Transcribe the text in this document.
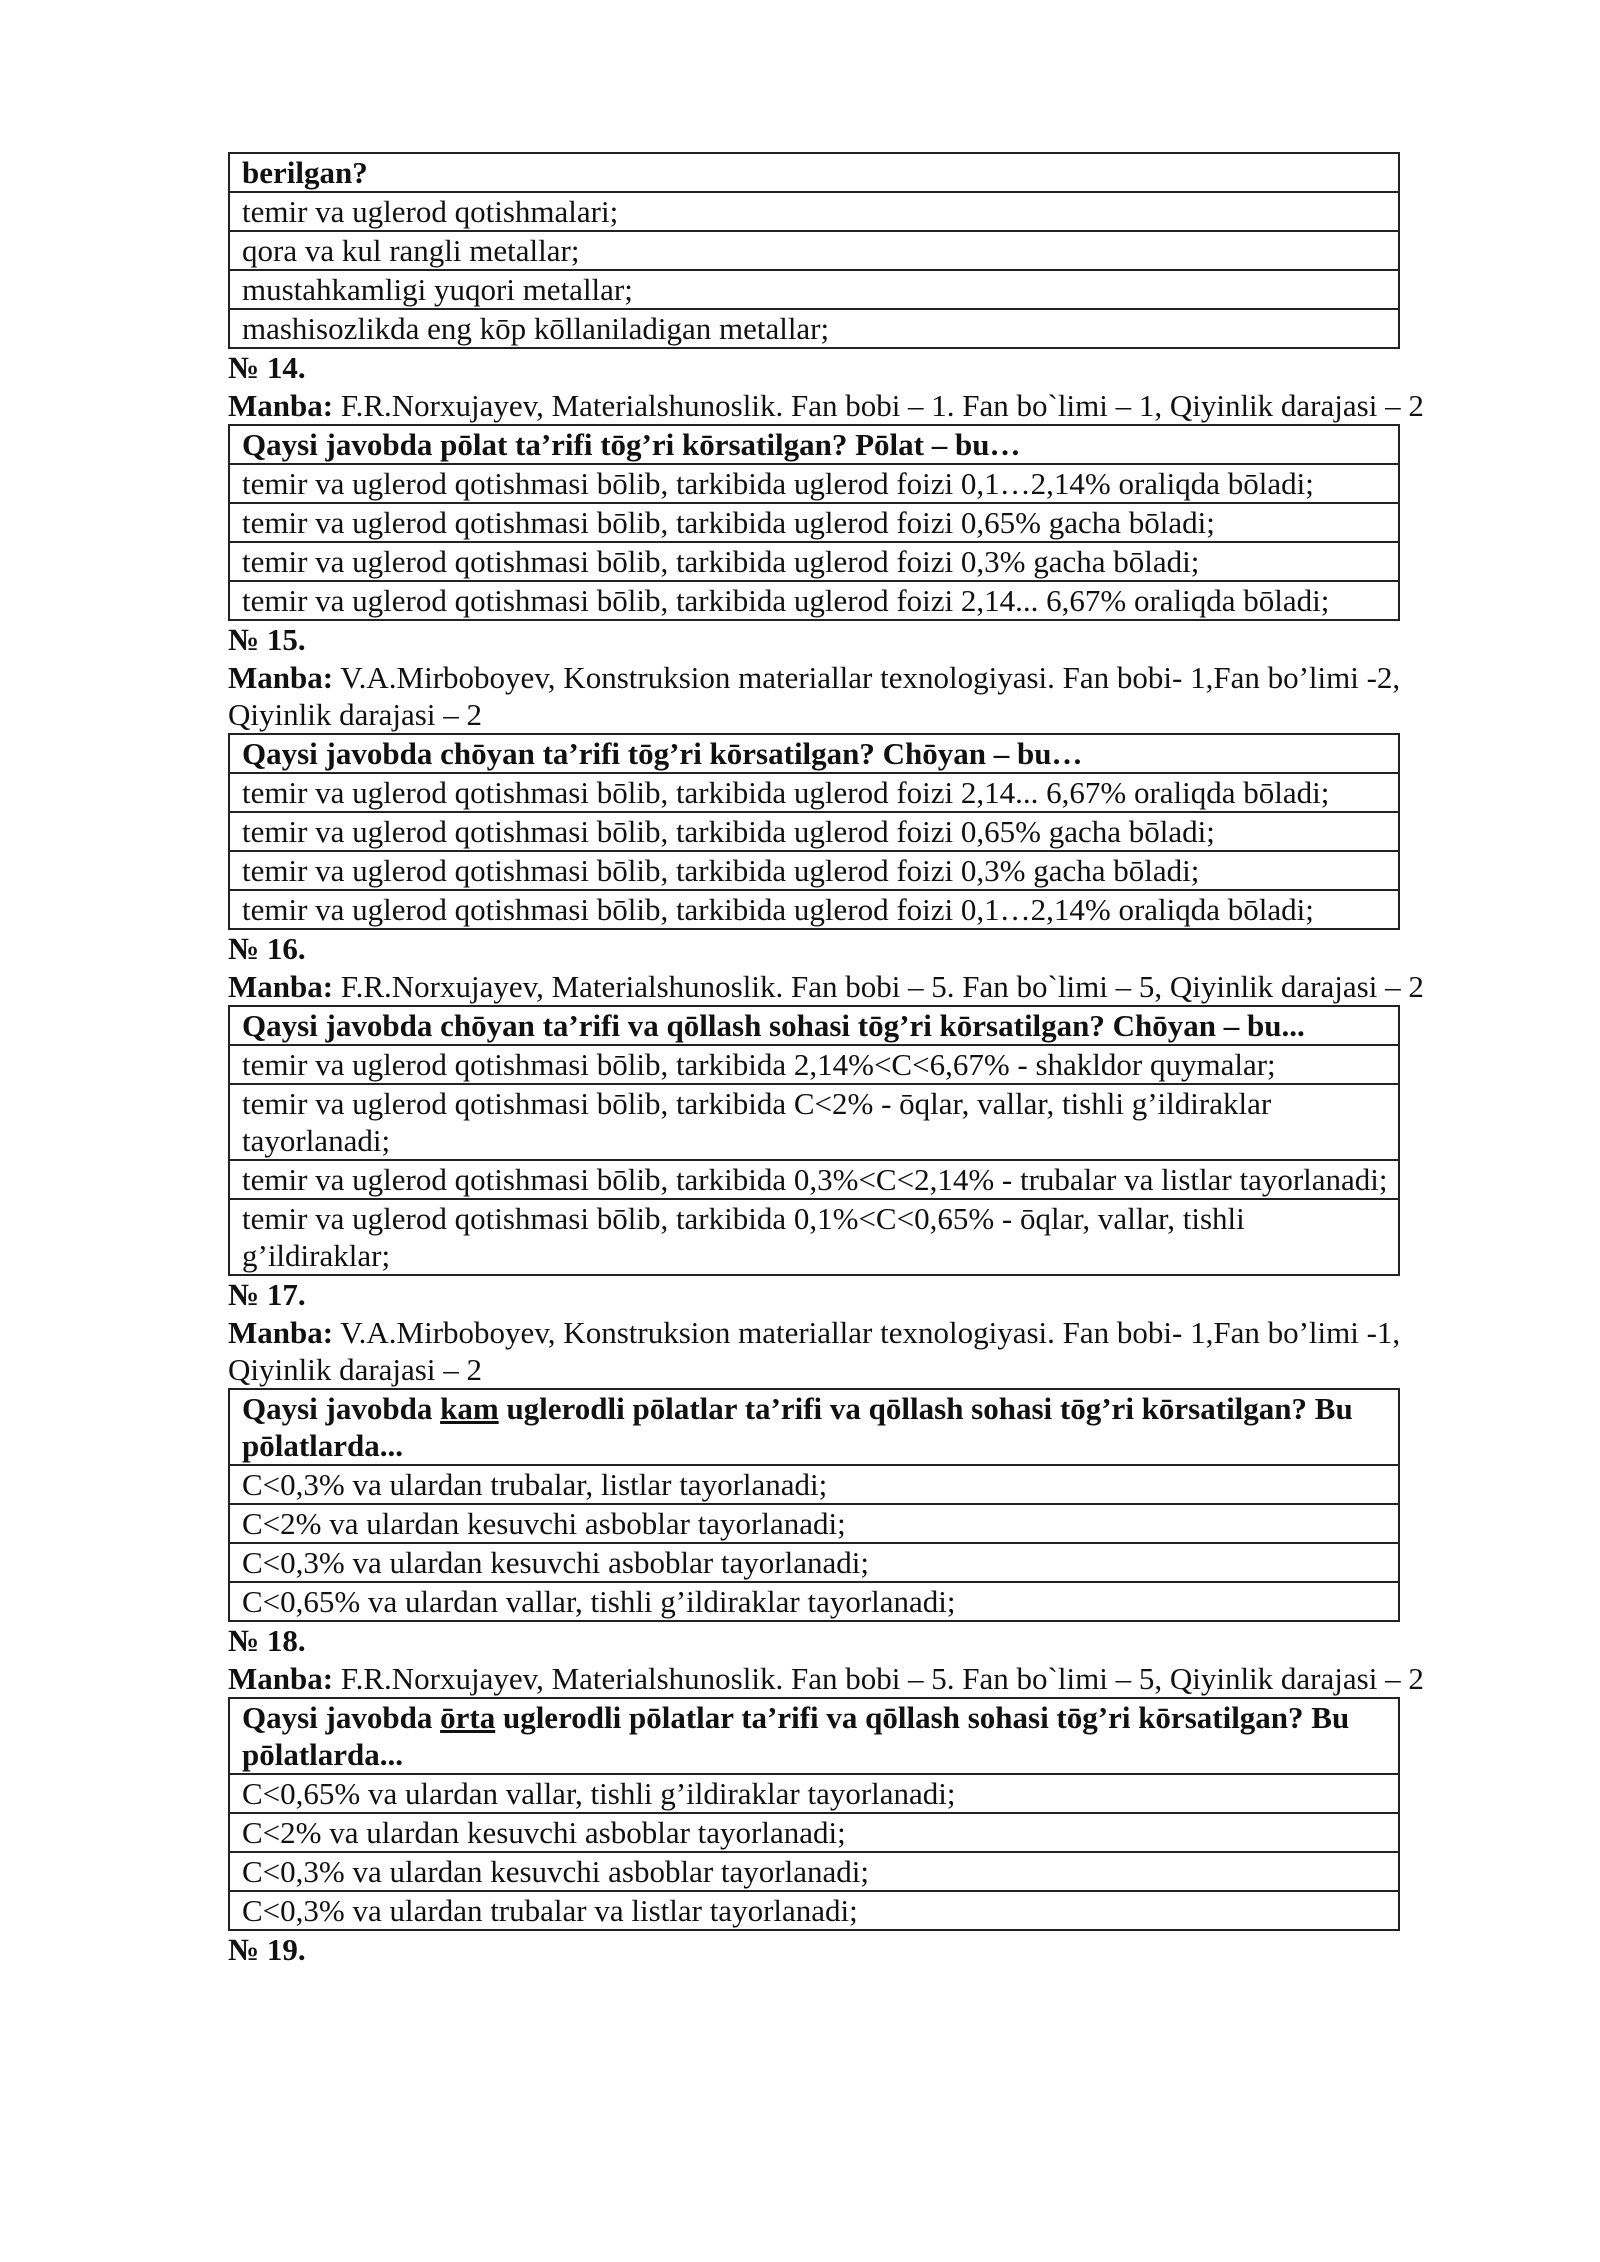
berilgan?
temir va uglerod qotishmalari;
qora va kul rangli metallar;
mustahkamligi yuqori metallar;
mashisozlikda eng kōp kōllaniladigan metallar;

№ 14.

Manba: F.R.Norxujayev, Materialshunoslik. Fan bobi – 1. Fan bo`limi – 1, Qiyinlik darajasi – 2

Qaysi javobda pōlat ta’rifi tōg’ri kōrsatilgan? Pōlat – bu…
temir va uglerod qotishmasi bōlib, tarkibida uglerod foizi 0,1…2,14% oraliqda bōladi;
temir va uglerod qotishmasi bōlib, tarkibida uglerod foizi 0,65% gacha bōladi;
temir va uglerod qotishmasi bōlib, tarkibida uglerod foizi 0,3% gacha bōladi;
temir va uglerod qotishmasi bōlib, tarkibida uglerod foizi 2,14... 6,67% oraliqda bōladi;

№ 15.

Manba: V.A.Mirboboyev, Konstruksion materiallar texnologiyasi. Fan bobi- 1,Fan bo’limi -2, Qiyinlik darajasi – 2

Qaysi javobda chōyan ta’rifi tōg’ri kōrsatilgan? Chōyan – bu…
temir va uglerod qotishmasi bōlib, tarkibida uglerod foizi 2,14... 6,67% oraliqda bōladi;
temir va uglerod qotishmasi bōlib, tarkibida uglerod foizi 0,65% gacha bōladi;
temir va uglerod qotishmasi bōlib, tarkibida uglerod foizi 0,3% gacha bōladi;
temir va uglerod qotishmasi bōlib, tarkibida uglerod foizi 0,1…2,14% oraliqda bōladi;

№ 16.

Manba: F.R.Norxujayev, Materialshunoslik. Fan bobi – 5. Fan bo`limi – 5, Qiyinlik darajasi – 2

Qaysi javobda chōyan ta’rifi va qōllash sohasi tōg’ri kōrsatilgan? Chōyan – bu...
temir va uglerod qotishmasi bōlib, tarkibida 2,14%<C<6,67% - shakldor quymalar;
temir va uglerod qotishmasi bōlib, tarkibida C<2% - ōqlar, vallar, tishli g’ildiraklar tayorlanadi;
temir va uglerod qotishmasi bōlib, tarkibida 0,3%<C<2,14% - trubalar va listlar tayorlanadi;
temir va uglerod qotishmasi bōlib, tarkibida 0,1%<C<0,65% - ōqlar, vallar, tishli g’ildiraklar;

№ 17.

Manba: V.A.Mirboboyev, Konstruksion materiallar texnologiyasi. Fan bobi- 1,Fan bo’limi -1, Qiyinlik darajasi – 2

Qaysi javobda kam uglerodli pōlatlar ta’rifi va qōllash sohasi tōg’ri kōrsatilgan? Bu pōlatlarda...
C<0,3% va ulardan trubalar, listlar tayorlanadi;
C<2% va ulardan kesuvchi asboblar tayorlanadi;
C<0,3% va ulardan kesuvchi asboblar tayorlanadi;
C<0,65% va ulardan vallar, tishli g’ildiraklar tayorlanadi;

№ 18.

Manba: F.R.Norxujayev, Materialshunoslik. Fan bobi – 5. Fan bo`limi – 5, Qiyinlik darajasi – 2

Qaysi javobda ōrta uglerodli pōlatlar ta’rifi va qōllash sohasi tōg’ri kōrsatilgan? Bu pōlatlarda...
C<0,65% va ulardan vallar, tishli g’ildiraklar tayorlanadi;
C<2% va ulardan kesuvchi asboblar tayorlanadi;
C<0,3% va ulardan kesuvchi asboblar tayorlanadi;
C<0,3% va ulardan trubalar va listlar tayorlanadi;

№ 19.
